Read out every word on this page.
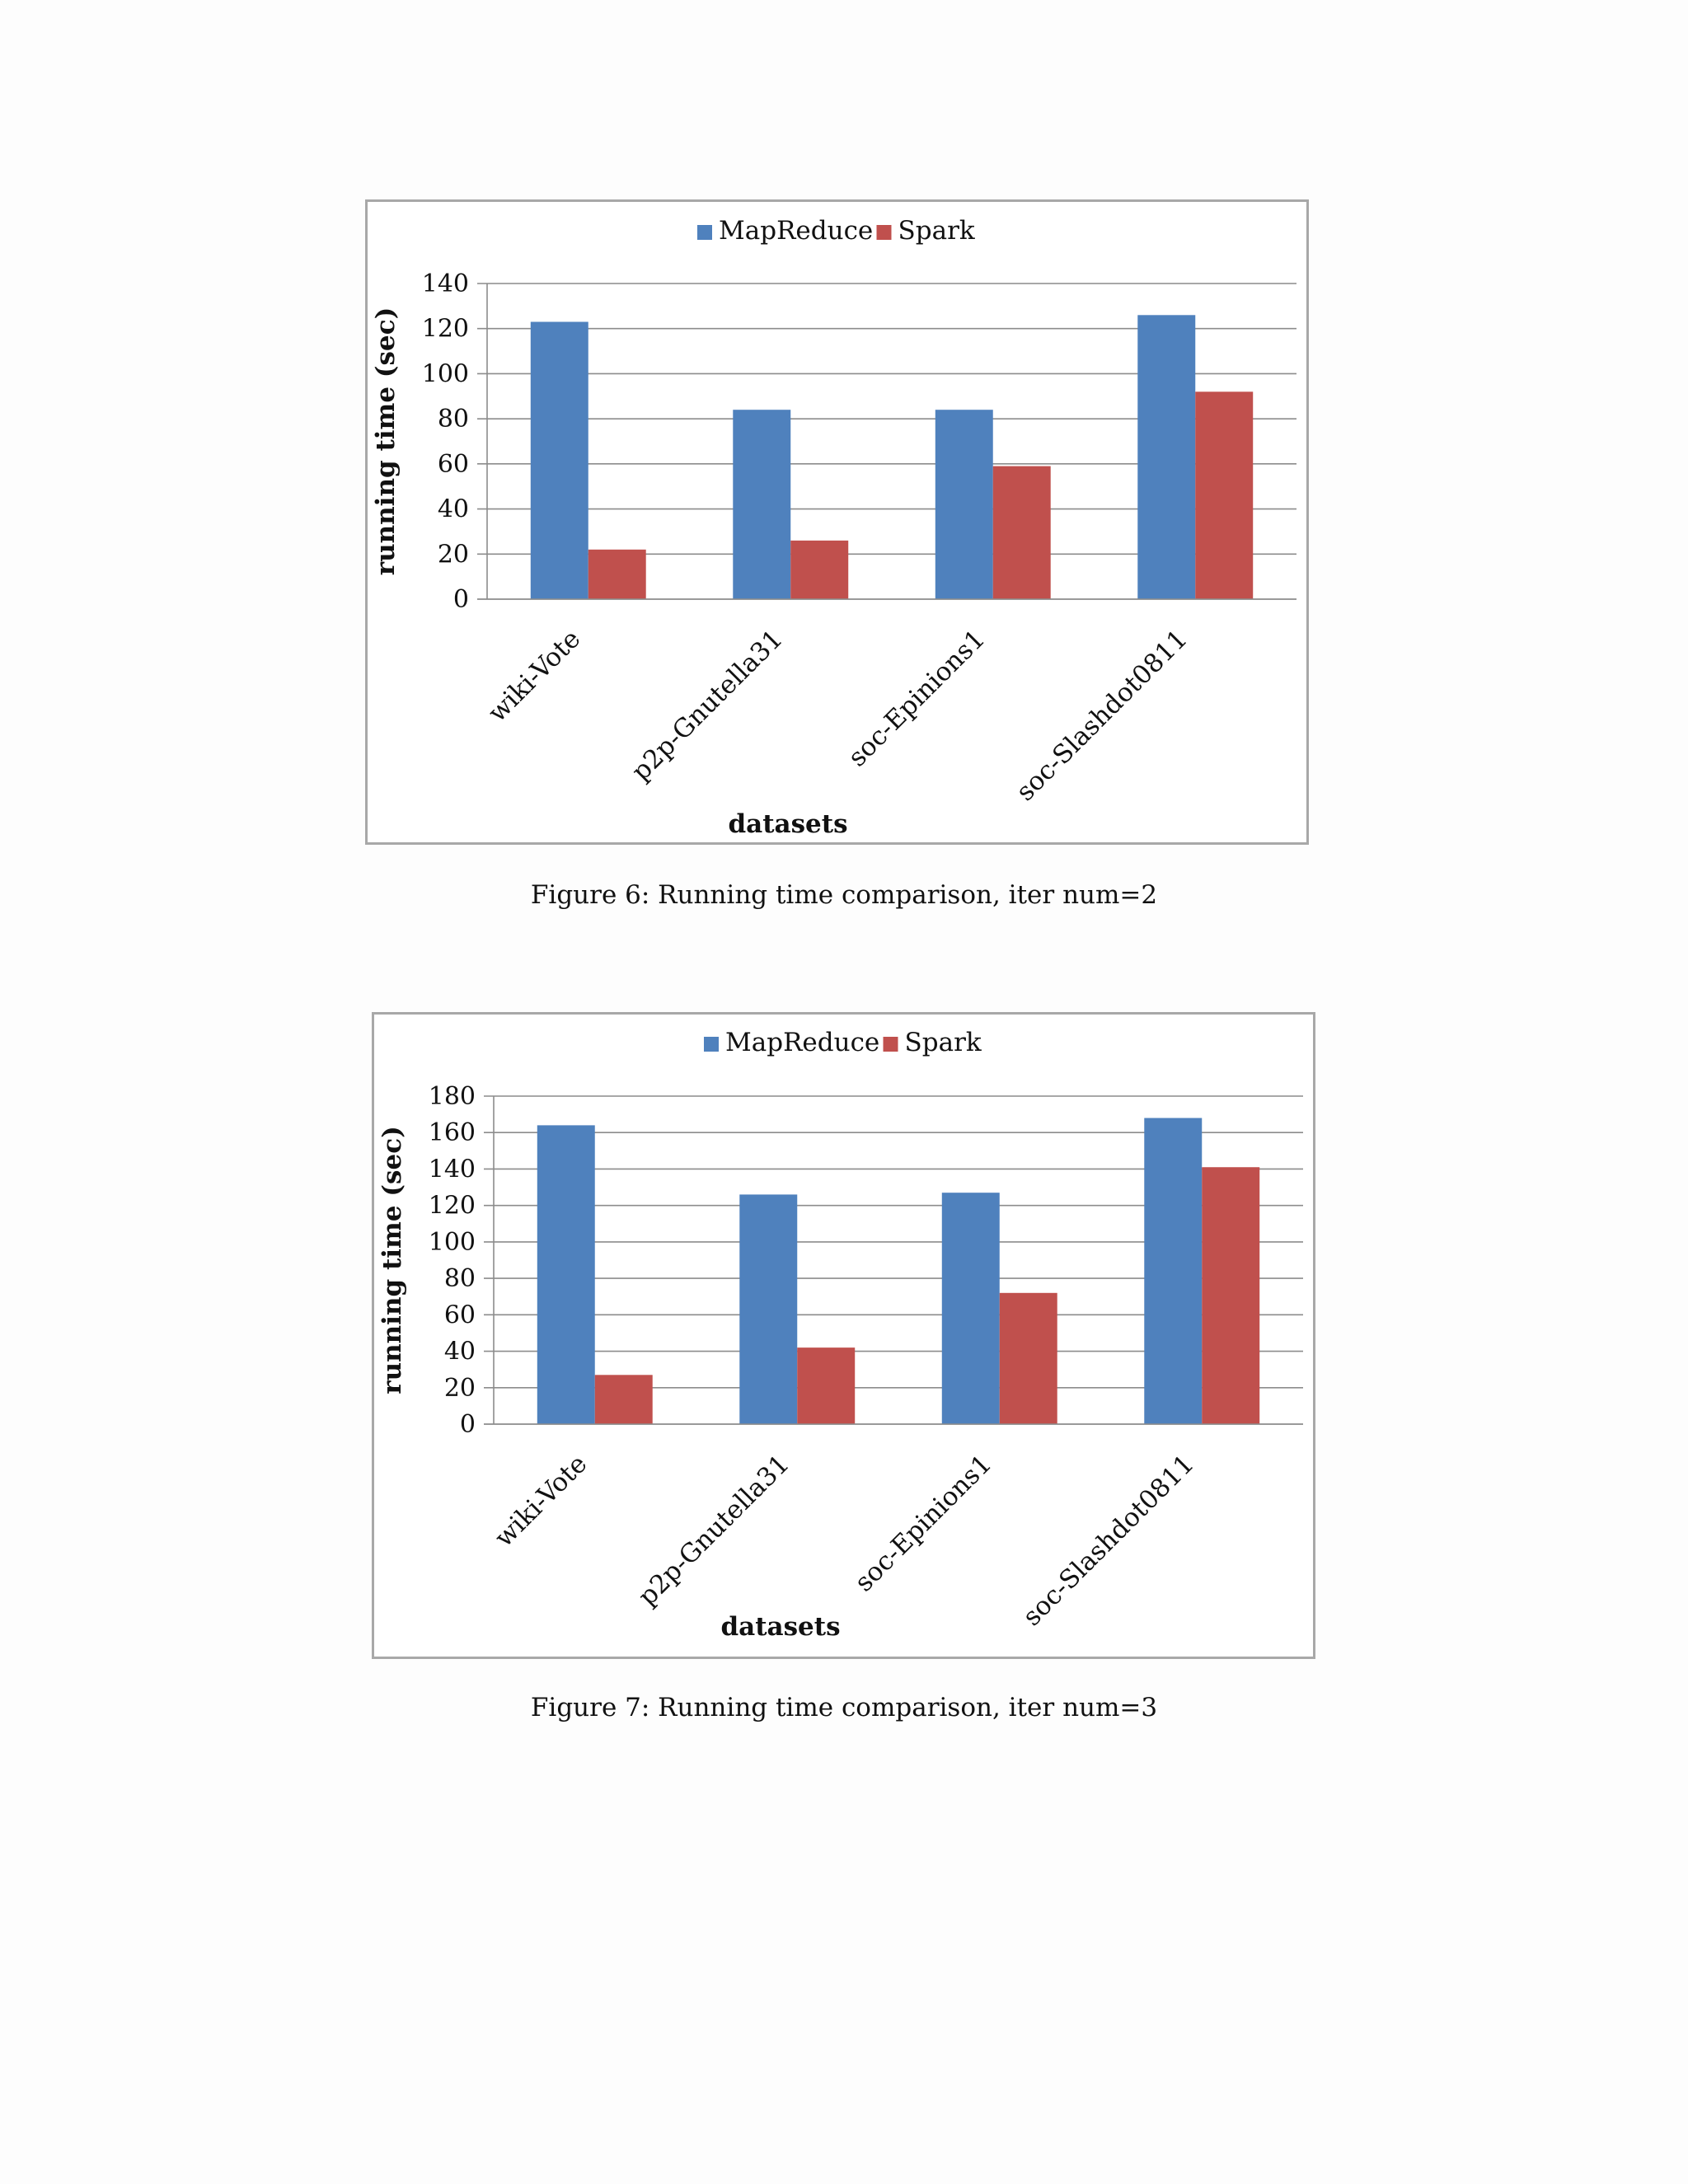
MapReduce Spark
0
20
40
60
80
100
120
140
wiki-Vote p2p-Gnutella31 soc-Epinions1 soc-Slashdot0811
datasets
running time (sec)
Figure 6: Running time comparison, iter num=2
MapReduce Spark
0
20
40
60
80
100
120
140
160
180
wiki-Vote p2p-Gnutella31 soc-Epinions1 soc-Slashdot0811
datasets
running time (sec)
Figure 7: Running time comparison, iter num=3
